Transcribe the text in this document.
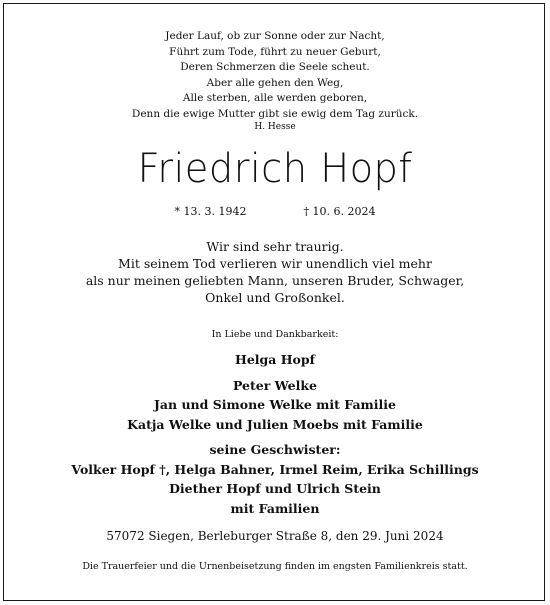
Jeder Lauf, ob zur Sonne oder zur Nacht,
Führt zum Tode, führt zu neuer Geburt,
Deren Schmerzen die Seele scheut.
Aber alle gehen den Weg,
Alle sterben, alle werden geboren,
Denn die ewige Mutter gibt sie ewig dem Tag zurück.
H. Hesse
Friedrich Hopf
* 13. 3. 1942	† 10. 6. 2024
Wir sind sehr traurig.
Mit seinem Tod verlieren wir unendlich viel mehr
als nur meinen geliebten Mann, unseren Bruder, Schwager,
Onkel und Großonkel.
In Liebe und Dankbarkeit:
Helga Hopf
Peter Welke
Jan und Simone Welke mit Familie
Katja Welke und Julien Moebs mit Familie
seine Geschwister:
Volker Hopf †, Helga Bahner, Irmel Reim, Erika Schillings
Diether Hopf und Ulrich Stein
mit Familien
57072 Siegen, Berleburger Straße 8, den 29. Juni 2024
Die Trauerfeier und die Urnenbeisetzung finden im engsten Familienkreis statt.
